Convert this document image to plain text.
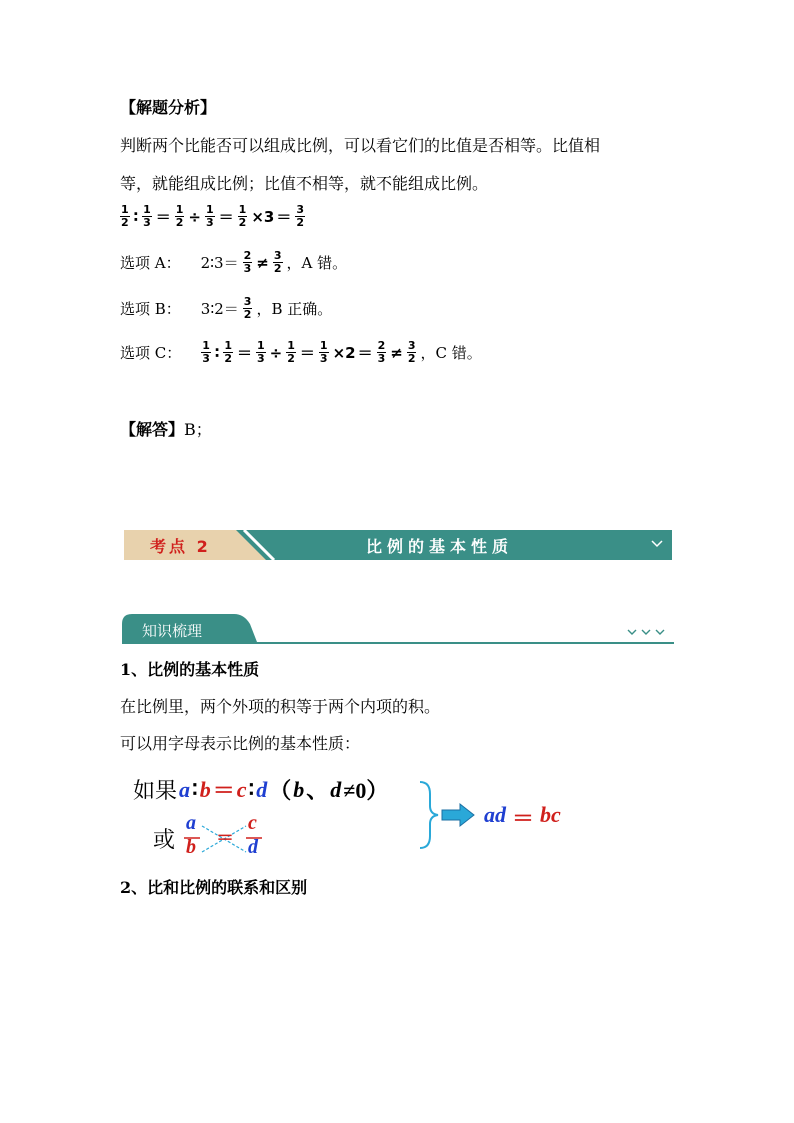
【解题分析】
判断两个比能否可以组成比例，可以看它们的比值是否相等。比值相
等，就能组成比例；比值不相等，就不能组成比例。
$\frac{1}{2}$ ∶ $\frac{1}{3} = \frac{1}{2} \div \frac{1}{3} = \frac{1}{2} \times 3 = \frac{3}{2}$
选项 A： 2∶3＝ $\frac{2}{3} \ne \frac{3}{2}$ ，A 错。
选项 B： 3∶2＝ $\frac{3}{2}$ ，B 正确。
选项 C： $\frac{1}{3}$ ∶ $\frac{1}{2} = \frac{1}{3} \div \frac{1}{2} = \frac{1}{3} \times 2 = \frac{2}{3} \ne \frac{3}{2}$ ，C 错。
【解答】B；
考点 2	比例的基本性质
知识梳理
1、比例的基本性质
在比例里，两个外项的积等于两个内项的积。
可以用字母表示比例的基本性质：
如果 a ∶ b ＝ c ∶ d （ b 、 d ≠0）
或
a
b ＝
c
d
ad ＝ bc
2、比和比例的联系和区别
